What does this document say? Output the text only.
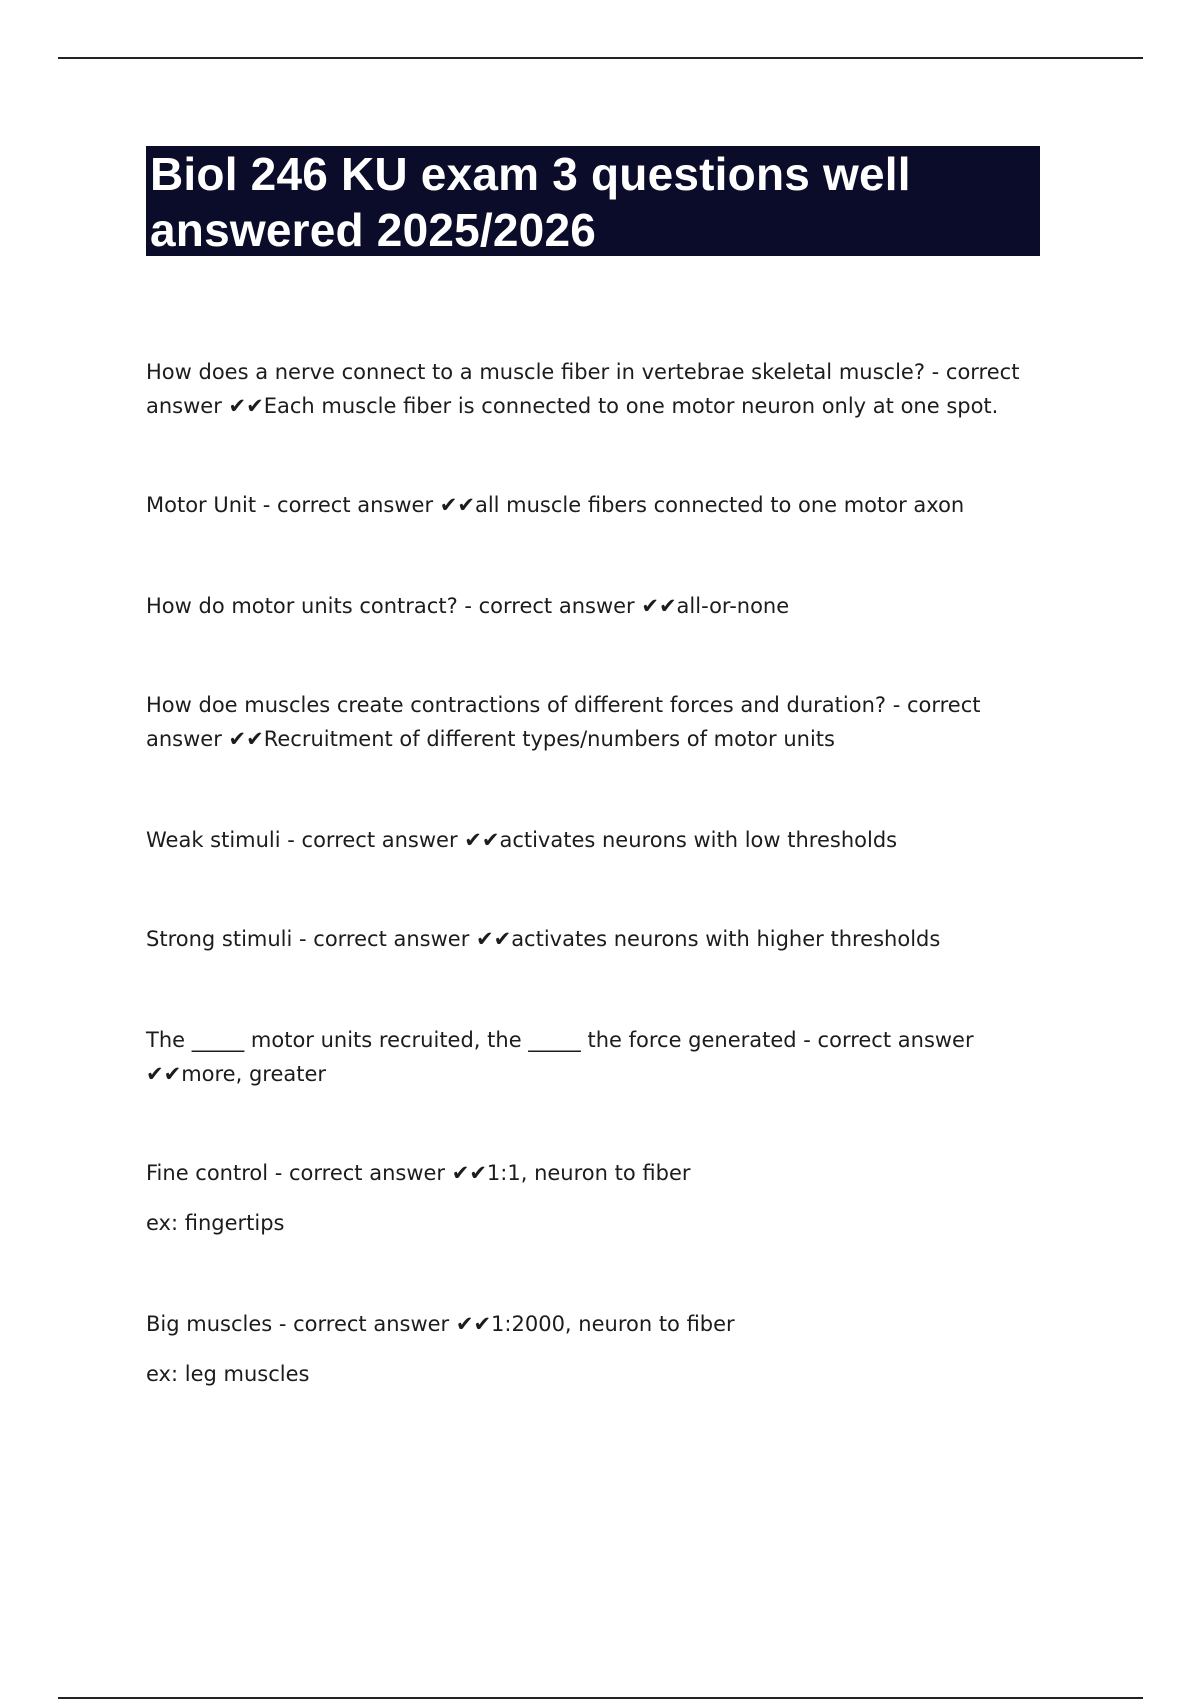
Biol 246 KU exam 3 questions well answered 2025/2026

How does a nerve connect to a muscle fiber in vertebrae skeletal muscle? - correct answer ✔✔Each muscle fiber is connected to one motor neuron only at one spot.

Motor Unit - correct answer ✔✔all muscle fibers connected to one motor axon

How do motor units contract? - correct answer ✔✔all-or-none

How doe muscles create contractions of different forces and duration? - correct answer ✔✔Recruitment of different types/numbers of motor units

Weak stimuli - correct answer ✔✔activates neurons with low thresholds

Strong stimuli - correct answer ✔✔activates neurons with higher thresholds

The _____ motor units recruited, the _____ the force generated - correct answer ✔✔more, greater

Fine control - correct answer ✔✔1:1, neuron to fiber

ex: fingertips

Big muscles - correct answer ✔✔1:2000, neuron to fiber

ex: leg muscles
